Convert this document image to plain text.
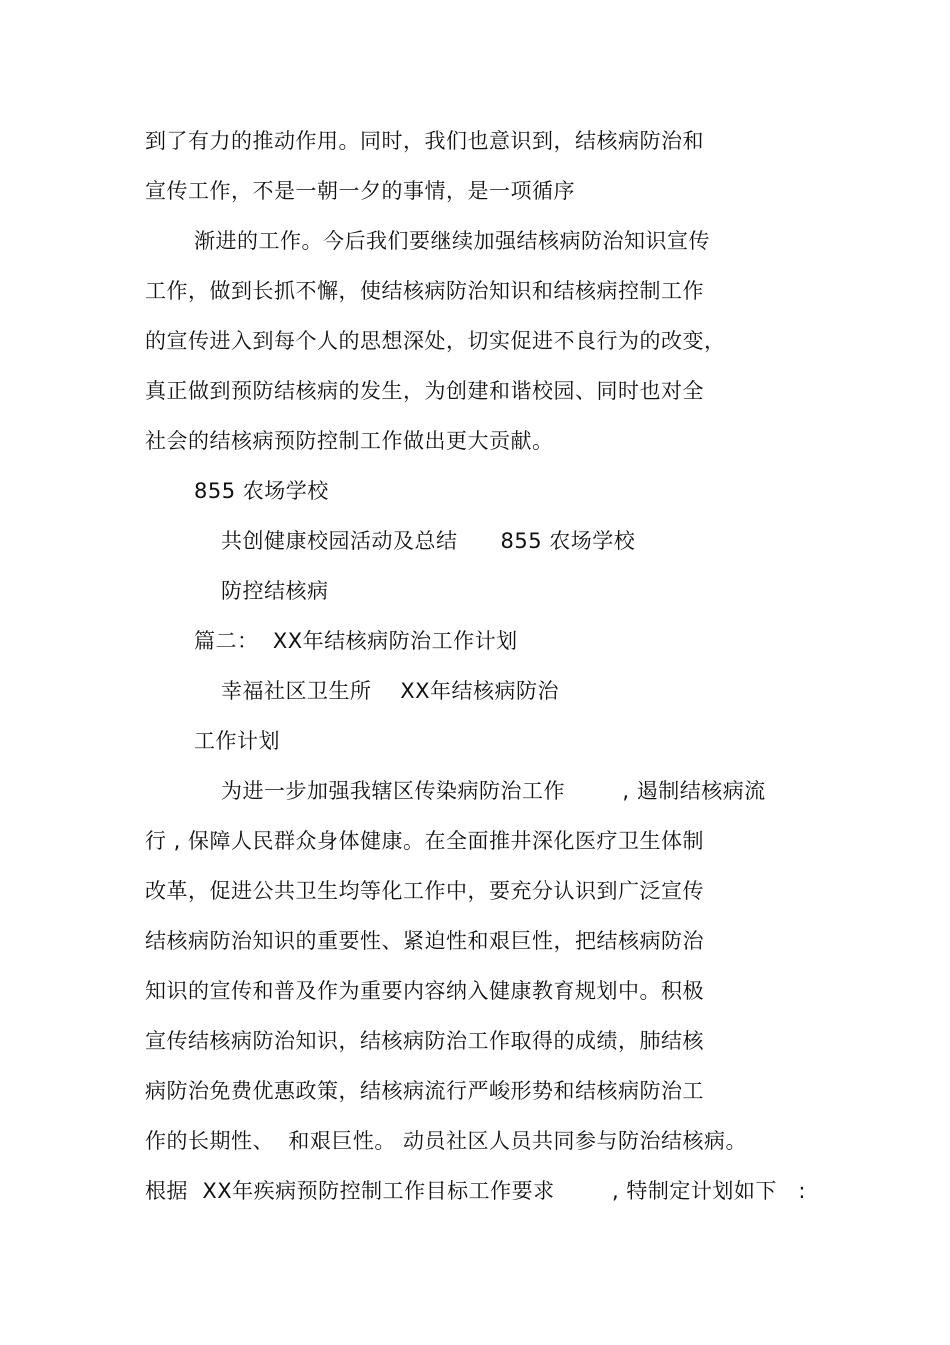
到了有力的推动作用。同时，我们也意识到，结核病防治和
宣传工作，不是一朝一夕的事情，是一项循序
渐进的工作。今后我们要继续加强结核病防治知识宣传
工作，做到长抓不懈，使结核病防治知识和结核病控制工作
的宣传进入到每个人的思想深处，切实促进不良行为的改变，
真正做到预防结核病的发生，为创建和谐校园、同时也对全
社会的结核病预防控制工作做出更大贡献。
855 农场学校
共创健康校园活动及总结      855 农场学校
防控结核病
篇二：  XX年结核病防治工作计划
幸福社区卫生所    XX年结核病防治
工作计划
为进一步加强我辖区传染病防治工作        , 遏制结核病流
行 , 保障人民群众身体健康。在全面推井深化医疗卫生体制
改革，促进公共卫生均等化工作中，要充分认识到广泛宣传
结核病防治知识的重要性、紧迫性和艰巨性，把结核病防治
知识的宣传和普及作为重要内容纳入健康教育规划中。积极
宣传结核病防治知识，结核病防治工作取得的成绩，肺结核
病防治免费优惠政策，结核病流行严峻形势和结核病防治工
作的长期性、  和艰巨性。 动员社区人员共同参与防治结核病。
根据  XX年疾病预防控制工作目标工作要求        , 特制定计划如下   :
